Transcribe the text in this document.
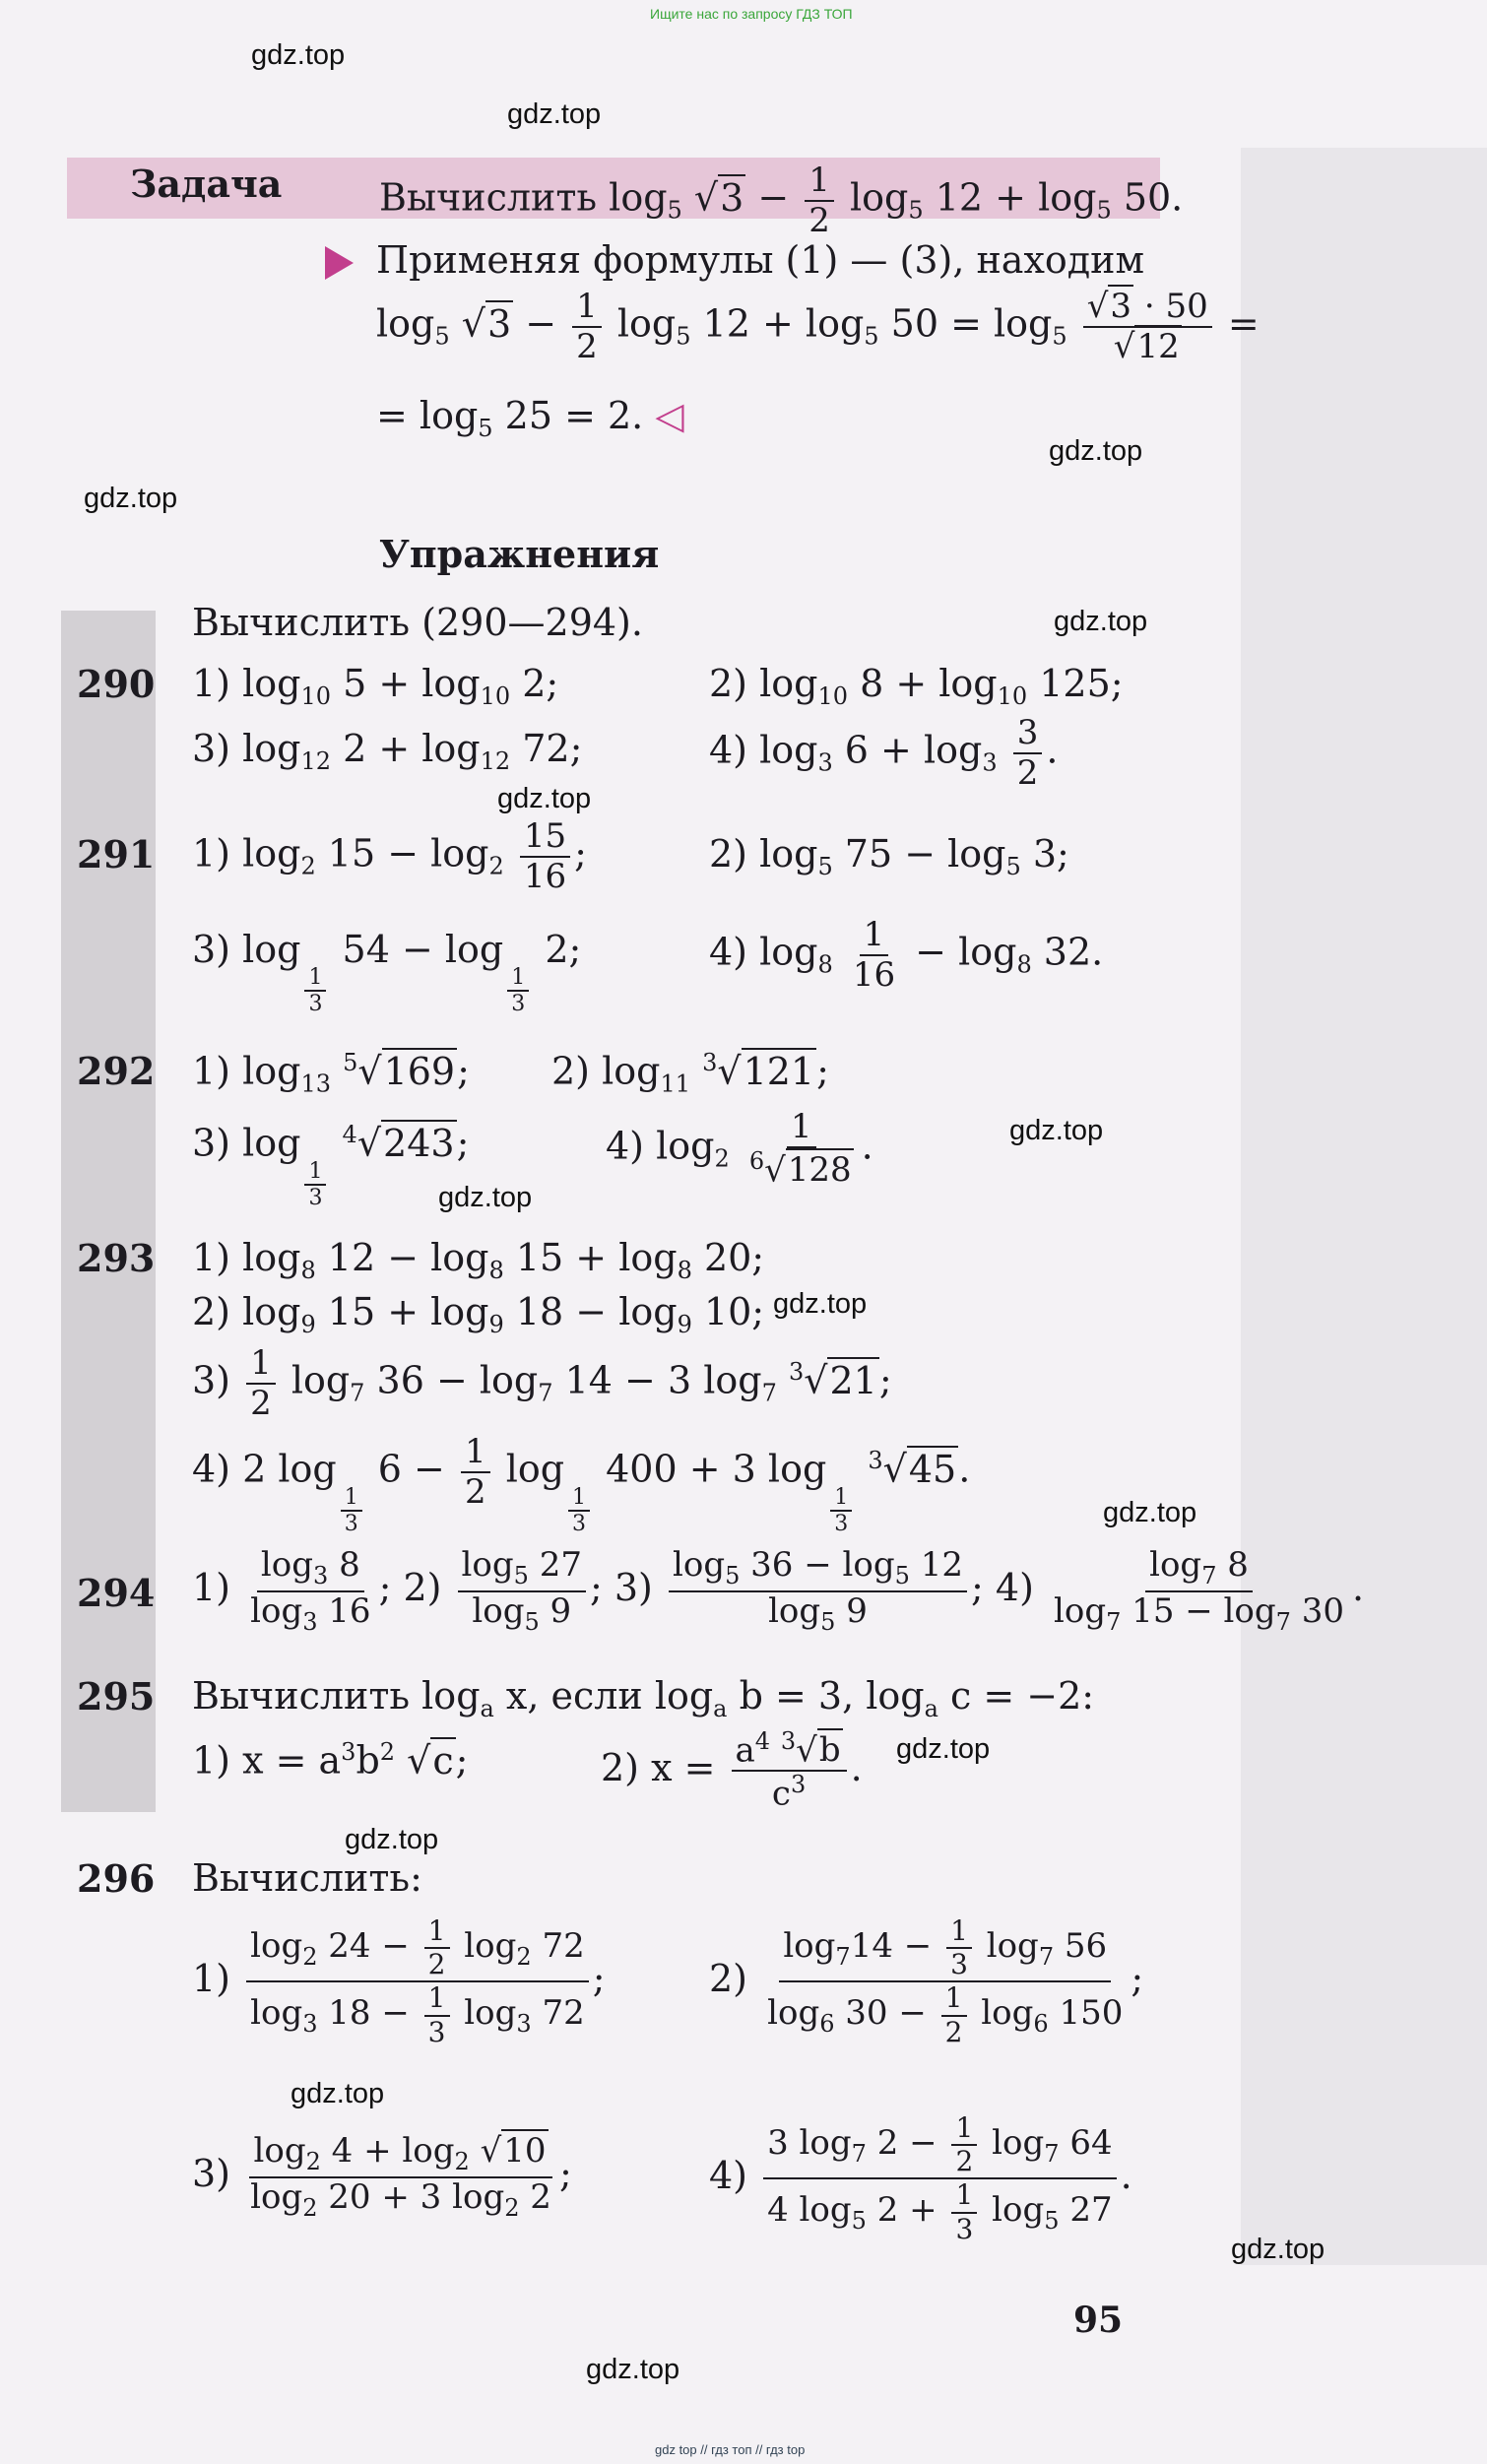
Ищите нас по запросу ГДЗ ТОП
gdz.top
gdz.top
gdz.top
gdz.top
gdz.top
gdz.top
gdz.top
gdz.top
gdz.top
gdz.top
gdz.top
gdz.top
gdz.top
gdz.top
gdz.top
Задача	Вычислить $\log_5 √3 - \frac{1}{2} \log_5 12 + \log_5 50$.
Применяя формулы (1) — (3), находим
$\log_5 √3 - \frac{1}{2} \log_5 12 + \log_5 50 = \log_5 \frac{√3 \cdot 50}{√12}$ =
= $\log_5 25 = 2$. ◁
Упражнения
Вычислить (290—294).
290 1) $\log_{10} 5 + \log_{10} 2$;	2) $\log_{10} 8 + \log_{10} 125$;
3) $\log_{12} 2 + \log_{12} 72$;	4) $\log_3 6 + \log_3 \frac{3}{2}$ .
291 1) $\log_2 15 - \log_2 \frac{15}{16}$ ;	2) $\log_5 75 - \log_5 3$;
3) log
$\frac{1}{3}$
54 − log
$\frac{1}{3}$
2;	4) $\log_8 \frac{1}{16} - \log_8 32$.
292 1) $\log_{13} ^5√169$; 2) $\log_{11} ^3√121$;
3) log
$\frac{1}{3}$
$^4$√243;	4) $\log_2 \frac{1}{^6√128}$ .
293 1) $\log_8 12 - \log_8 15 + \log_8 20$;
2) $\log_9 15 + \log_9 18 - \log_9 10$;
$3) \frac{1}{2} \log_7 36 - \log_7 14 - 3$ $\log_7 ^3√21$;
4) 2 log
$\frac{1}{3}$
$6 - \frac{1}{2}$ log
$\frac{1}{3}$
400 + 3 log
$\frac{1}{3}$
$^3$√45.
294 $1) \frac{\log_3 8}{\log_3 16}$ ; $2) \frac{\log_5 27}{\log_5 9}$ ; $3) \frac{\log_5 36 - \log_5 12}{\log_5 9}$ ; $4) \frac{\log_7 8}{\log_7 15 - \log_7 30}$ .
295 Вычислить $\log_a x$, если $\log_a b = 3$, $\log_a c = -2$:
1) $x = a^3b^2$ √c;	2) $x = \frac{a^4 ^3√b}{c^3}$ .
296 Вычислить:
$1) \frac{\log_2 24 - \frac{1}{2} \log_2 72}{\log_3 18 - \frac{1}{3} \log_3 72}$ ;	$2) \frac{\log_714 - \frac{1}{3} \log_7 56}{\log_6 30 - \frac{1}{2} \log_6 150}$ ;
$3) \frac{\log_2 4 + \log_2 √10}{\log_2 20 + 3 \log_2 2}$ ;	$4) \frac{3 \log_7 2 - \frac{1}{2} \log_7 64}{4 \log_5 2 + \frac{1}{3} \log_5 27}$ .
95
gdz top // гдз топ // гдз top
